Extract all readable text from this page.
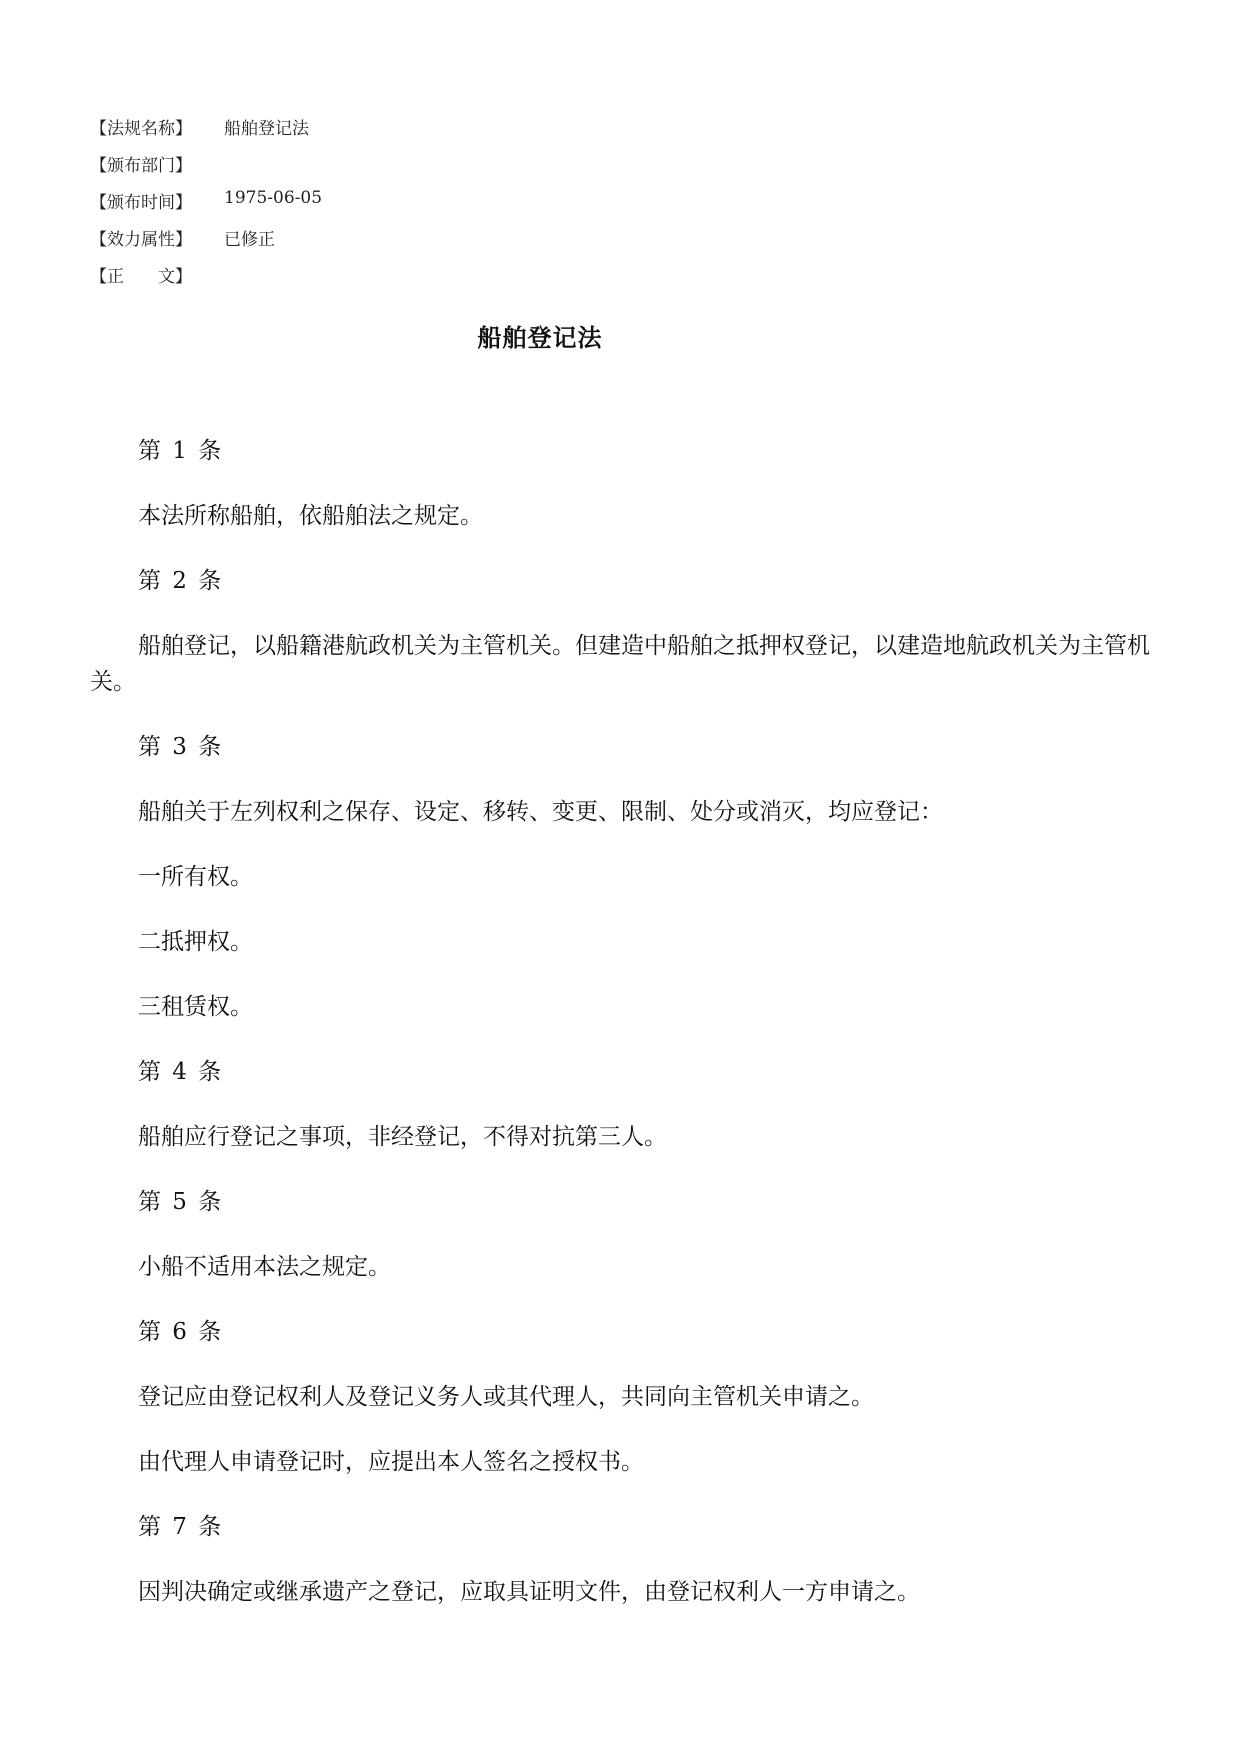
【法规名称】	船舶登记法
【颁布部门】
【颁布时间】	1975-06-05
【效力属性】	已修正
【正　　文】
船舶登记法

第 1 条

本法所称船舶，依船舶法之规定。

第 2 条

船舶登记，以船籍港航政机关为主管机关。但建造中船舶之抵押权登记，以建造地航政机关为主管机关。

第 3 条

船舶关于左列权利之保存、设定、移转、变更、限制、处分或消灭，均应登记：

一所有权。

二抵押权。

三租赁权。

第 4 条

船舶应行登记之事项，非经登记，不得对抗第三人。

第 5 条

小船不适用本法之规定。

第 6 条

登记应由登记权利人及登记义务人或其代理人，共同向主管机关申请之。

由代理人申请登记时，应提出本人签名之授权书。

第 7 条

因判决确定或继承遗产之登记，应取具证明文件，由登记权利人一方申请之。
